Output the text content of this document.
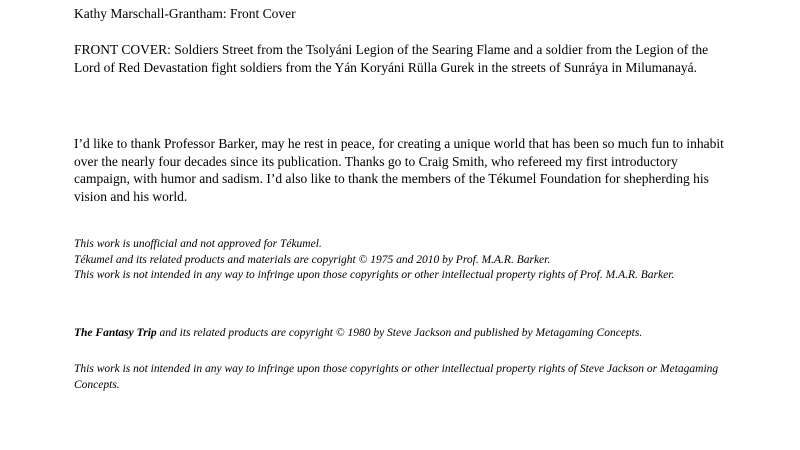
Kathy Marschall-Grantham: Front Cover

FRONT COVER: Soldiers Street from the Tsolyáni Legion of the Searing Flame and a soldier from the Legion of the Lord of Red Devastation fight soldiers from the Yán Koryáni Rülla Gurek in the streets of Sunráya in Milumanayá.

I’d like to thank Professor Barker, may he rest in peace, for creating a unique world that has been so much fun to inhabit over the nearly four decades since its publication. Thanks go to Craig Smith, who refereed my first introductory campaign, with humor and sadism. I’d also like to thank the members of the Tékumel Foundation for shepherding his vision and his world.

This work is unofficial and not approved for Tékumel.
Tékumel and its related products and materials are copyright © 1975 and 2010 by Prof. M.A.R. Barker.
This work is not intended in any way to infringe upon those copyrights or other intellectual property rights of Prof. M.A.R. Barker.
The Fantasy Trip and its related products are copyright © 1980 by Steve Jackson and published by Metagaming Concepts.
This work is not intended in any way to infringe upon those copyrights or other intellectual property rights of Steve Jackson or Metagaming Concepts.
